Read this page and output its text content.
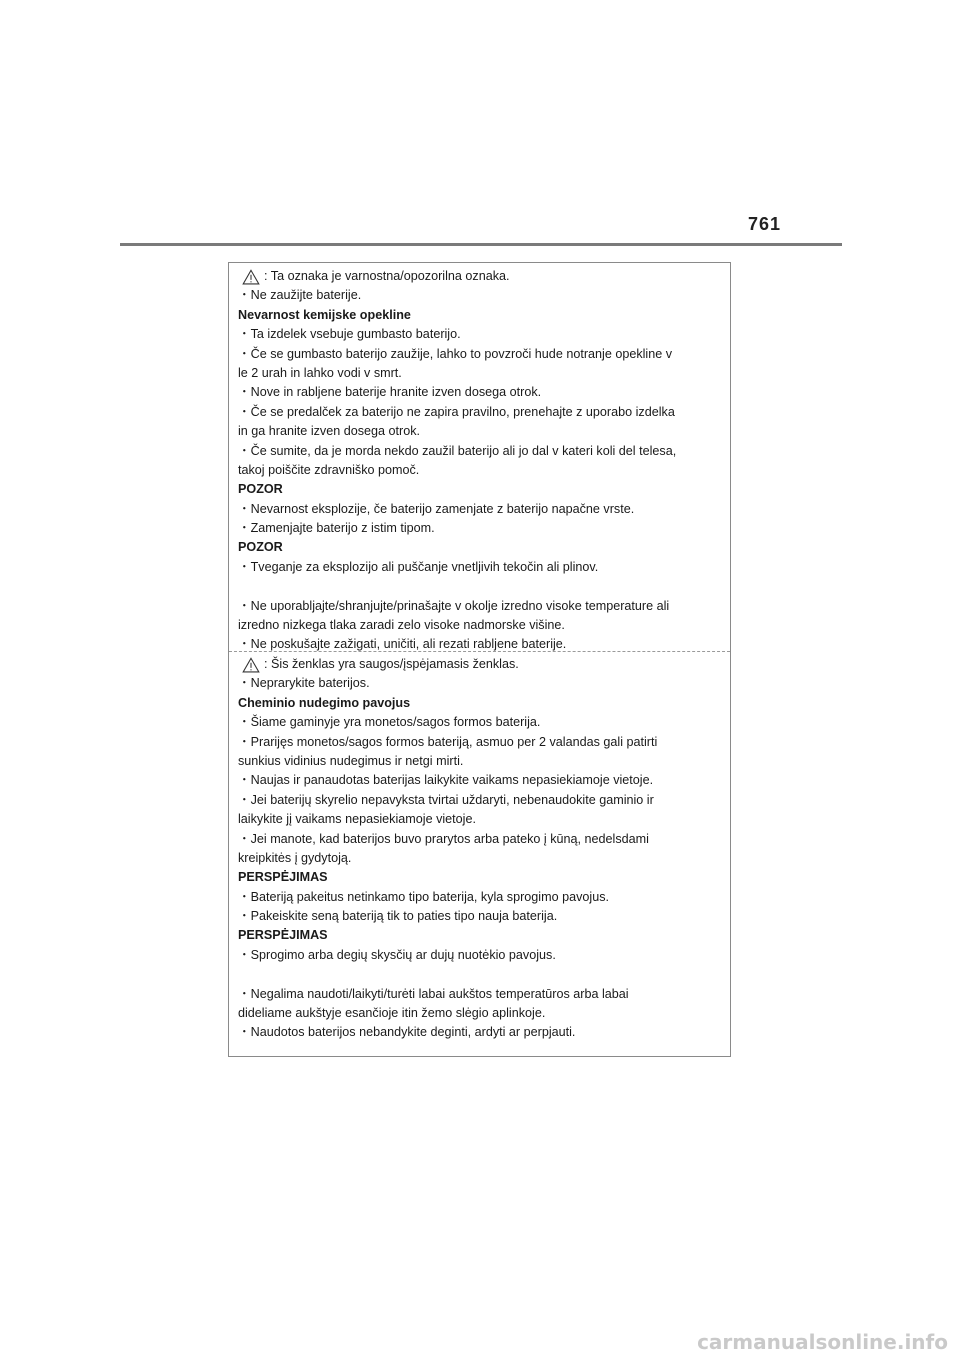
761
: Ta oznaka je varnostna/opozorilna oznaka.
・Ne zaužijte baterije.
Nevarnost kemijske opekline
・Ta izdelek vsebuje gumbasto baterijo.
・Če se gumbasto baterijo zaužije, lahko to povzroči hude notranje opekline v
le 2 urah in lahko vodi v smrt.
・Nove in rabljene baterije hranite izven dosega otrok.
・Če se predalček za baterijo ne zapira pravilno, prenehajte z uporabo izdelka
in ga hranite izven dosega otrok.
・Če sumite, da je morda nekdo zaužil baterijo ali jo dal v kateri koli del telesa,
takoj poiščite zdravniško pomoč.
POZOR
・Nevarnost eksplozije, če baterijo zamenjate z baterijo napačne vrste.
・Zamenjajte baterijo z istim tipom.
POZOR
・Tveganje za eksplozijo ali puščanje vnetljivih tekočin ali plinov.
・Ne uporabljajte/shranjujte/prinašajte v okolje izredno visoke temperature ali
izredno nizkega tlaka zaradi zelo visoke nadmorske višine.
・Ne poskušajte zažigati, uničiti, ali rezati rabljene baterije.
: Šis ženklas yra saugos/įspėjamasis ženklas.
・Neprarykite baterijos.
Cheminio nudegimo pavojus
・Šiame gaminyje yra monetos/sagos formos baterija.
・Prarijęs monetos/sagos formos bateriją, asmuo per 2 valandas gali patirti
sunkius vidinius nudegimus ir netgi mirti.
・Naujas ir panaudotas baterijas laikykite vaikams nepasiekiamoje vietoje.
・Jei baterijų skyrelio nepavyksta tvirtai uždaryti, nebenaudokite gaminio ir
laikykite jį vaikams nepasiekiamoje vietoje.
・Jei manote, kad baterijos buvo prarytos arba pateko į kūną, nedelsdami
kreipkitės į gydytoją.
PERSPĖJIMAS
・Bateriją pakeitus netinkamo tipo baterija, kyla sprogimo pavojus.
・Pakeiskite seną bateriją tik to paties tipo nauja baterija.
PERSPĖJIMAS
・Sprogimo arba degių skysčių ar dujų nuotėkio pavojus.
・Negalima naudoti/laikyti/turėti labai aukštos temperatūros arba labai
dideliame aukštyje esančioje itin žemo slėgio aplinkoje.
・Naudotos baterijos nebandykite deginti, ardyti ar perpjauti.
carmanualsonline.info
